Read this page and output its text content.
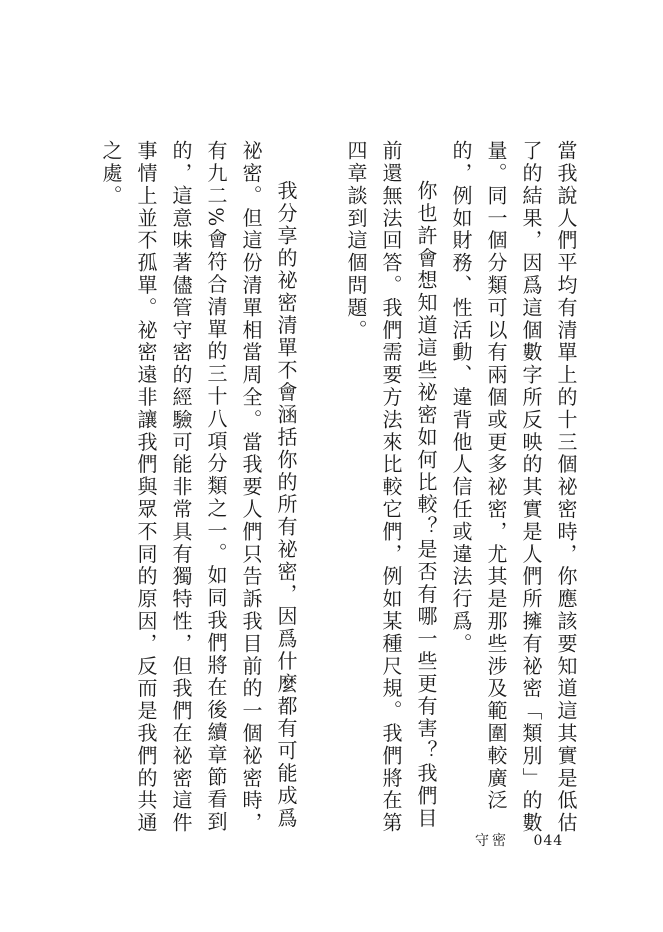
當我說人們平均有清單上的十三個祕密時，你應該要知道這其實是低估了的結果，因爲這個數字所反映的其實是人們所擁有祕密「類別」的數量。同一個分類可以有兩個或更多祕密，尤其是那些涉及範圍較廣泛的，例如財務、性活動、違背他人信任或違法行爲。

你也許會想知道這些祕密如何比較？是否有哪一些更有害？我們目前還無法回答。我們需要方法來比較它們，例如某種尺規。我們將在第四章談到這個問題。

我分享的祕密清單不會涵括你的所有祕密，因爲什麼都有可能成爲祕密。但這份清單相當周全。當我要人們只告訴我目前的一個祕密時，有九二%會符合清單的三十八項分類之一。如同我們將在後續章節看到的，這意味著儘管守密的經驗可能非常具有獨特性，但我們在祕密這件事情上並不孤單。祕密遠非讓我們與眾不同的原因，反而是我們的共通之處。

守密 044
